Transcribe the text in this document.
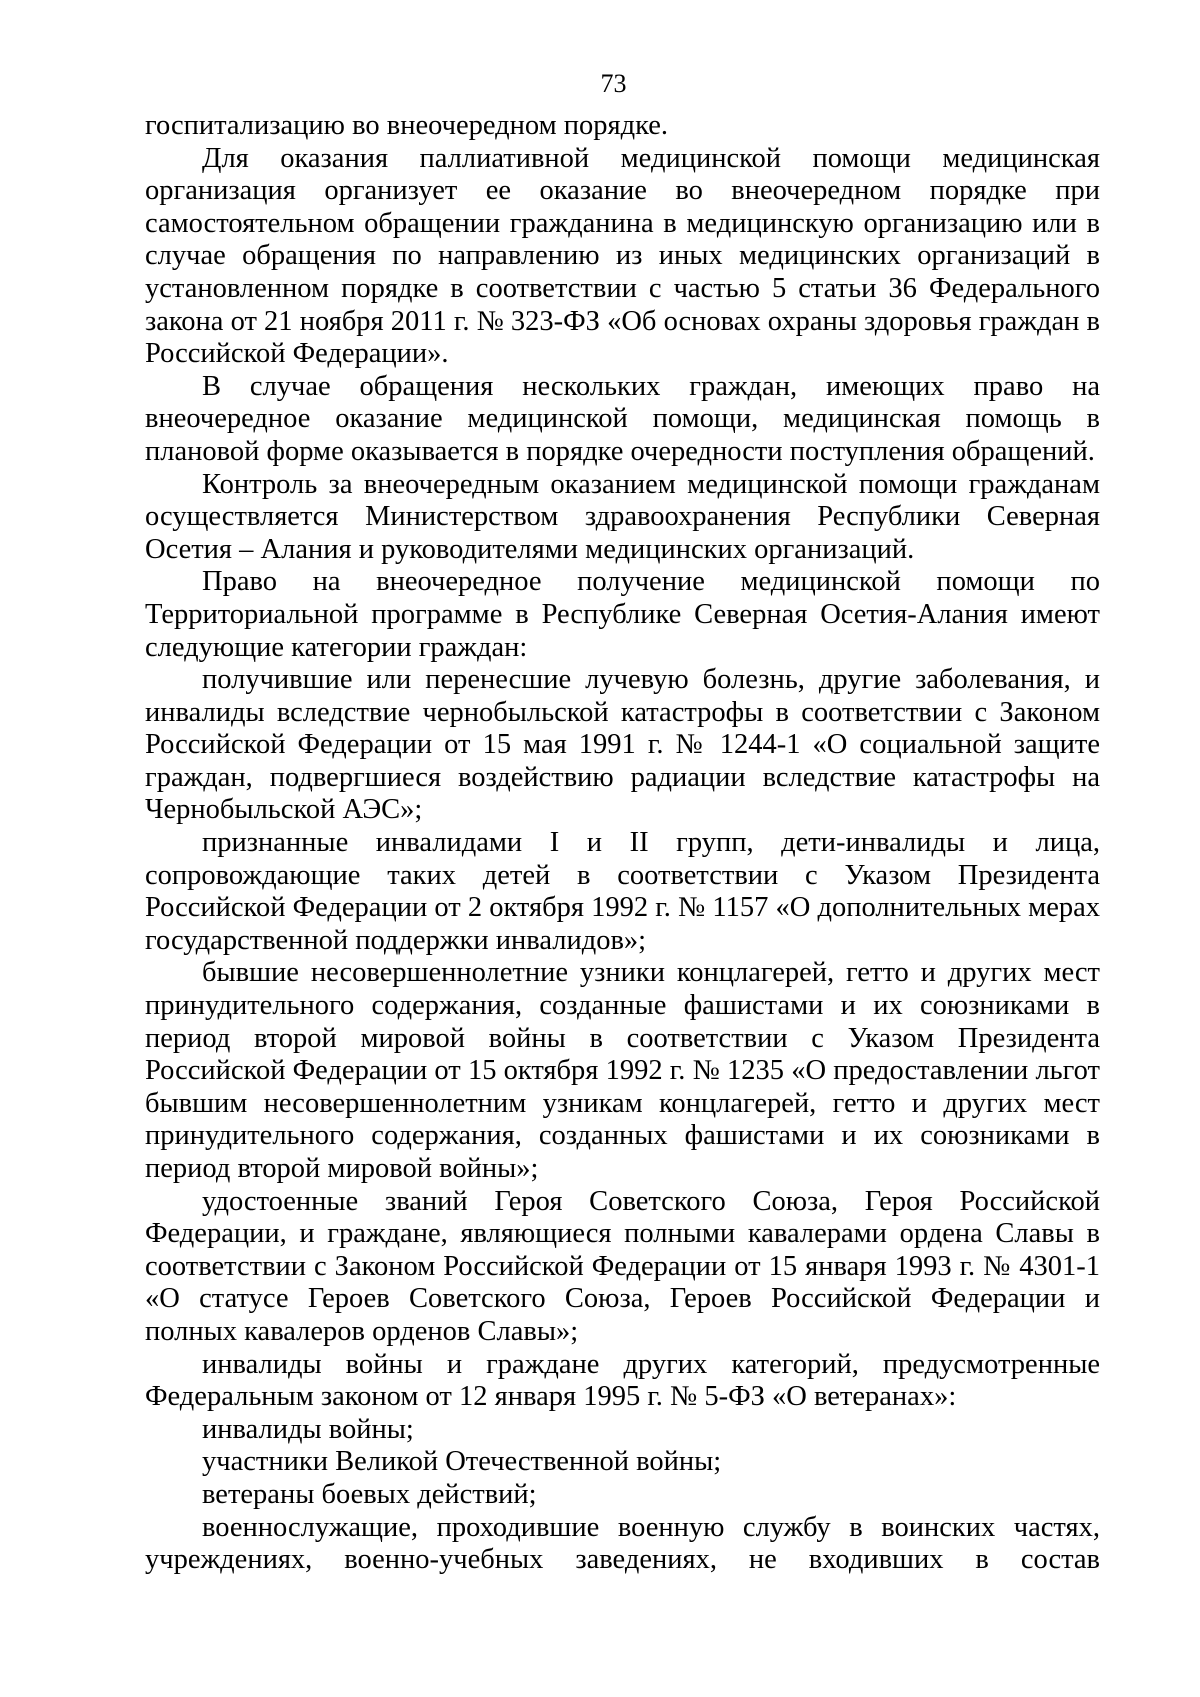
73

госпитализацию во внеочередном порядке.

Для оказания паллиативной медицинской помощи медицинская организация организует ее оказание во внеочередном порядке при самостоятельном обращении гражданина в медицинскую организацию или в случае обращения по направлению из иных медицинских организаций в установленном порядке в соответствии с частью 5 статьи 36 Федерального закона от 21 ноября 2011 г. № 323-ФЗ «Об основах охраны здоровья граждан в Российской Федерации».

В случае обращения нескольких граждан, имеющих право на внеочередное оказание медицинской помощи, медицинская помощь в плановой форме оказывается в порядке очередности поступления обращений.

Контроль за внеочередным оказанием медицинской помощи гражданам осуществляется Министерством здравоохранения Республики Северная Осетия – Алания и руководителями медицинских организаций.

Право на внеочередное получение медицинской помощи по Территориальной программе в Республике Северная Осетия-Алания имеют следующие категории граждан:

получившие или перенесшие лучевую болезнь, другие заболевания, и инвалиды вследствие чернобыльской катастрофы в соответствии с Законом Российской Федерации от 15 мая 1991 г. № 1244-1 «О социальной защите граждан, подвергшиеся воздействию радиации вследствие катастрофы на Чернобыльской АЭС»;

признанные инвалидами I и II групп, дети-инвалиды и лица, сопровождающие таких детей в соответствии с Указом Президента Российской Федерации от 2 октября 1992 г. № 1157 «О дополнительных мерах государственной поддержки инвалидов»;

бывшие несовершеннолетние узники концлагерей, гетто и других мест принудительного содержания, созданные фашистами и их союзниками в период второй мировой войны в соответствии с Указом Президента Российской Федерации от 15 октября 1992 г. № 1235 «О предоставлении льгот бывшим несовершеннолетним узникам концлагерей, гетто и других мест принудительного содержания, созданных фашистами и их союзниками в период второй мировой войны»;

удостоенные званий Героя Советского Союза, Героя Российской Федерации, и граждане, являющиеся полными кавалерами ордена Славы в соответствии с Законом Российской Федерации от 15 января 1993 г. № 4301-1 «О статусе Героев Советского Союза, Героев Российской Федерации и полных кавалеров орденов Славы»;

инвалиды войны и граждане других категорий, предусмотренные Федеральным законом от 12 января 1995 г. № 5-ФЗ «О ветеранах»:

инвалиды войны;

участники Великой Отечественной войны;

ветераны боевых действий;

военнослужащие, проходившие военную службу в воинских частях, учреждениях, военно-учебных заведениях, не входивших в состав
